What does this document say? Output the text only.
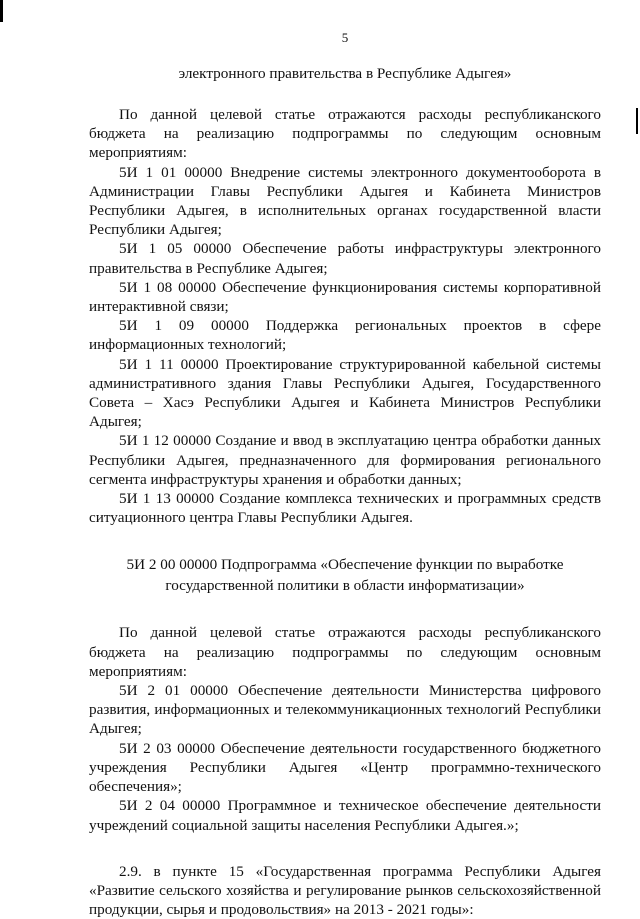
5
электронного правительства в Республике Адыгея»
По данной целевой статье отражаются расходы республиканского бюджета на реализацию подпрограммы по следующим основным мероприятиям:
5И 1 01 00000 Внедрение системы электронного документооборота в Администрации Главы Республики Адыгея и Кабинета Министров Республики Адыгея, в исполнительных органах государственной власти Республики Адыгея;
5И 1 05 00000 Обеспечение работы инфраструктуры электронного правительства в Республике Адыгея;
5И 1 08 00000 Обеспечение функционирования системы корпоративной интерактивной связи;
5И 1 09 00000 Поддержка региональных проектов в сфере информационных технологий;
5И 1 11 00000 Проектирование структурированной кабельной системы административного здания Главы Республики Адыгея, Государственного Совета – Хасэ Республики Адыгея и Кабинета Министров Республики Адыгея;
5И 1 12 00000 Создание и ввод в эксплуатацию центра обработки данных Республики Адыгея, предназначенного для формирования регионального сегмента инфраструктуры хранения и обработки данных;
5И 1 13 00000 Создание комплекса технических и программных средств ситуационного центра Главы Республики Адыгея.
5И 2 00 00000 Подпрограмма «Обеспечение функции по выработке государственной политики в области информатизации»
По данной целевой статье отражаются расходы республиканского бюджета на реализацию подпрограммы по следующим основным мероприятиям:
5И 2 01 00000 Обеспечение деятельности Министерства цифрового развития, информационных и телекоммуникационных технологий Республики Адыгея;
5И 2 03 00000 Обеспечение деятельности государственного бюджетного учреждения Республики Адыгея «Центр программно-технического обеспечения»;
5И 2 04 00000 Программное и техническое обеспечение деятельности учреждений социальной защиты населения Республики Адыгея.»;
2.9. в пункте 15 «Государственная программа Республики Адыгея «Развитие сельского хозяйства и регулирование рынков сельскохозяйственной продукции, сырья и продовольствия» на 2013 - 2021 годы»:
